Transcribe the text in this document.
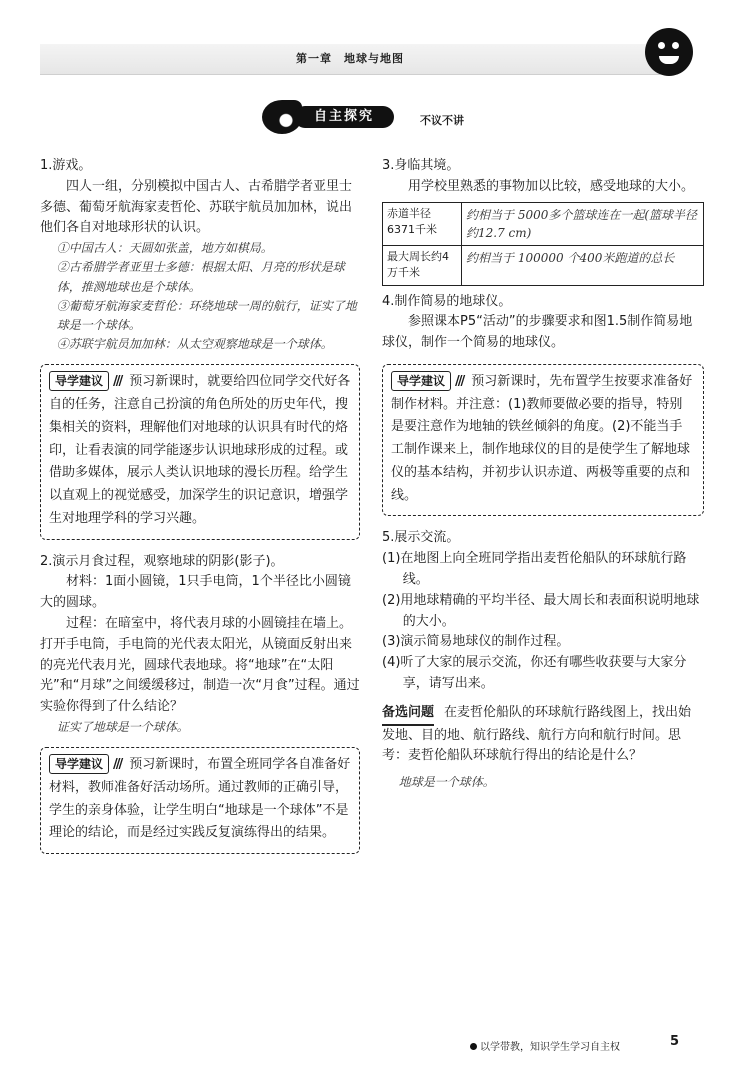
第一章　地球与地图
自主探究	不议不讲

1.游戏。

四人一组，分别模拟中国古人、古希腊学者亚里士多德、葡萄牙航海家麦哲伦、苏联宇航员加加林，说出他们各自对地球形状的认识。

①中国古人：天圆如张盖，地方如棋局。

②古希腊学者亚里士多德：根据太阳、月亮的形状是球体，推测地球也是个球体。

③葡萄牙航海家麦哲伦：环绕地球一周的航行，证实了地球是一个球体。

④苏联宇航员加加林：从太空观察地球是一个球体。

导学建议 /// 预习新课时，就要给四位同学交代好各自的任务，注意自己扮演的角色所处的历史年代，搜集相关的资料，理解他们对地球的认识具有时代的烙印，让看表演的同学能逐步认识地球形成的过程。或借助多媒体，展示人类认识地球的漫长历程。给学生以直观上的视觉感受，加深学生的识记意识，增强学生对地理学科的学习兴趣。

2.演示月食过程，观察地球的阴影(影子)。

材料：1面小圆镜，1只手电筒，1个半径比小圆镜大的圆球。

过程：在暗室中，将代表月球的小圆镜挂在墙上。打开手电筒，手电筒的光代表太阳光，从镜面反射出来的亮光代表月光，圆球代表地球。将“地球”在“太阳光”和“月球”之间缓缓移过，制造一次“月食”过程。通过实验你得到了什么结论？

证实了地球是一个球体。

导学建议 /// 预习新课时，布置全班同学各自准备好材料，教师准备好活动场所。通过教师的正确引导，学生的亲身体验，让学生明白“地球是一个球体”不是理论的结论，而是经过实践反复演练得出的结果。

3.身临其境。

用学校里熟悉的事物加以比较，感受地球的大小。

赤道半径6371千米	约相当于 5000多个篮球连在一起(篮球半径约12.7 cm)
最大周长约4万千米	约相当于 100000 个400米跑道的总长

4.制作简易的地球仪。

参照课本P5“活动”的步骤要求和图1.5制作简易地球仪，制作一个简易的地球仪。

导学建议 /// 预习新课时，先布置学生按要求准备好制作材料。并注意：(1)教师要做必要的指导，特别是要注意作为地轴的铁丝倾斜的角度。(2)不能当手工制作课来上，制作地球仪的目的是使学生了解地球仪的基本结构，并初步认识赤道、两极等重要的点和线。

5.展示交流。

(1)在地图上向全班同学指出麦哲伦船队的环球航行路线。

(2)用地球精确的平均半径、最大周长和表面积说明地球的大小。

(3)演示简易地球仪的制作过程。

(4)听了大家的展示交流，你还有哪些收获要与大家分享，请写出来。

备选问题 在麦哲伦船队的环球航行路线图上，找出始发地、目的地、航行路线、航行方向和航行时间。思考：麦哲伦船队环球航行得出的结论是什么？

地球是一个球体。

以学带教，知识学生学习自主权	5
